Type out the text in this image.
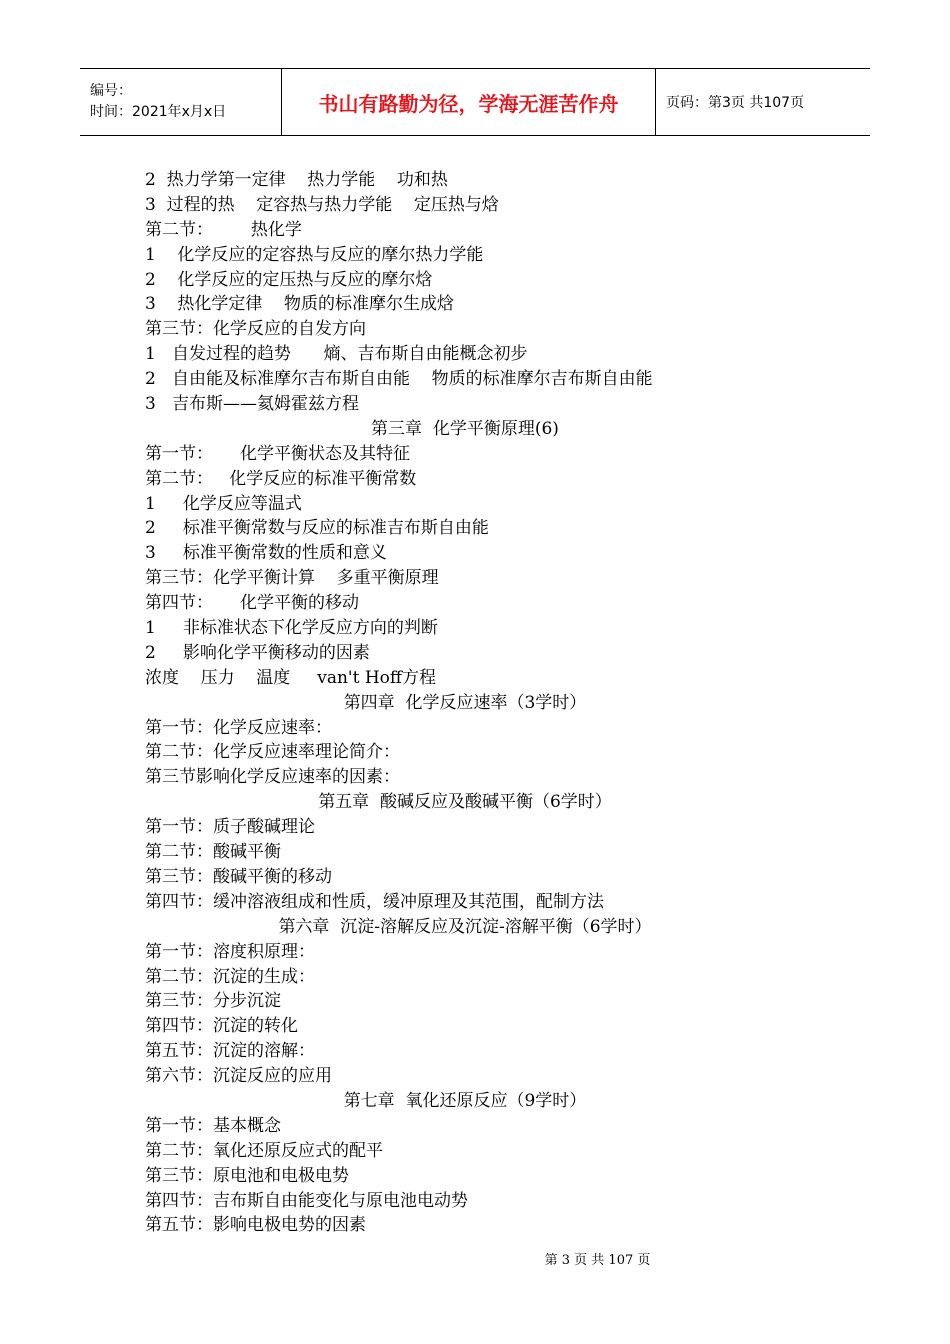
编号：
时间：2021年x月x日	书山有路勤为径，学海无涯苦作舟	页码：第3页 共107页
2  热力学第一定律    热力学能    功和热
3  过程的热    定容热与热力学能    定压热与焓
第二节：       热化学
1    化学反应的定容热与反应的摩尔热力学能
2    化学反应的定压热与反应的摩尔焓
3    热化学定律    物质的标准摩尔生成焓
第三节：化学反应的自发方向
1   自发过程的趋势      熵、吉布斯自由能概念初步
2   自由能及标准摩尔吉布斯自由能    物质的标准摩尔吉布斯自由能
3   吉布斯——氦姆霍兹方程
第三章  化学平衡原理(6)
第一节：     化学平衡状态及其特征
第二节：   化学反应的标准平衡常数
1     化学反应等温式
2     标准平衡常数与反应的标准吉布斯自由能
3     标准平衡常数的性质和意义
第三节：化学平衡计算    多重平衡原理
第四节：     化学平衡的移动
1     非标准状态下化学反应方向的判断
2     影响化学平衡移动的因素
浓度    压力    温度     van't Hoff方程
第四章  化学反应速率（3学时）
第一节：化学反应速率：
第二节：化学反应速率理论简介：
第三节影响化学反应速率的因素：
第五章  酸碱反应及酸碱平衡（6学时）
第一节：质子酸碱理论
第二节：酸碱平衡
第三节：酸碱平衡的移动
第四节：缓冲溶液组成和性质，缓冲原理及其范围，配制方法
第六章  沉淀-溶解反应及沉淀-溶解平衡（6学时）
第一节：溶度积原理：
第二节：沉淀的生成：
第三节：分步沉淀
第四节：沉淀的转化
第五节：沉淀的溶解：
第六节：沉淀反应的应用
第七章  氧化还原反应（9学时）
第一节：基本概念
第二节：氧化还原反应式的配平
第三节：原电池和电极电势
第四节：吉布斯自由能变化与原电池电动势
第五节：影响电极电势的因素
第 3 页 共 107 页
